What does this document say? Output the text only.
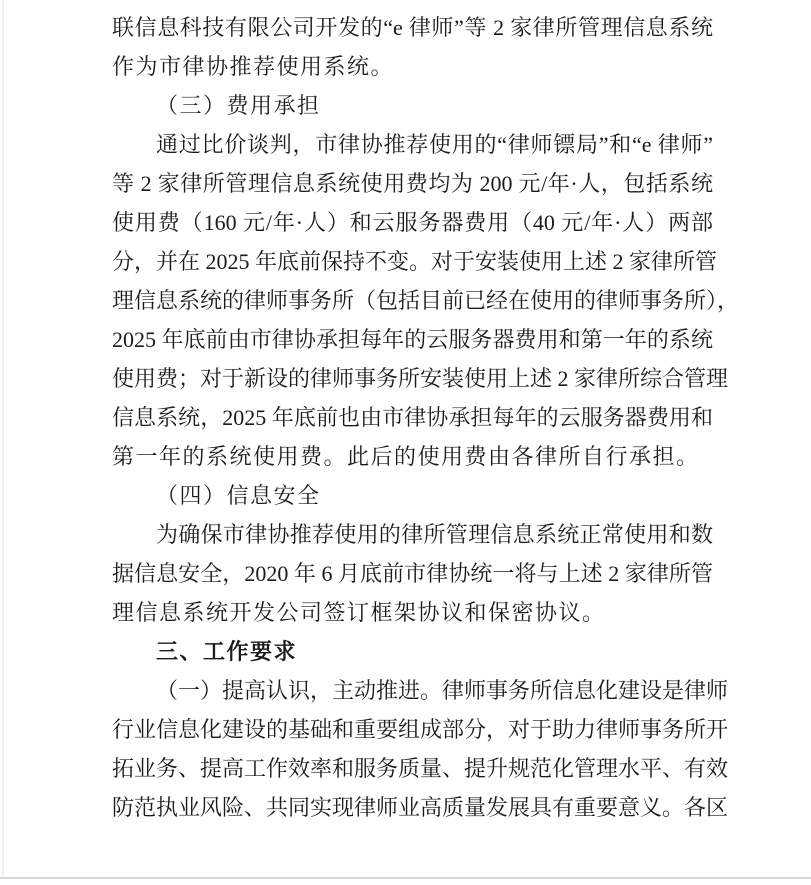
联信息科技有限公司开发的“e 律师”等 2 家律所管理信息系统
作为市律协推荐使用系统。
（三）费用承担
通过比价谈判，市律协推荐使用的“律师镖局”和“e 律师”
等 2 家律所管理信息系统使用费均为 200 元/年·人，包括系统
使用费（160 元/年·人）和云服务器费用（40 元/年·人）两部
分，并在 2025 年底前保持不变。对于安装使用上述 2 家律所管
理信息系统的律师事务所（包括目前已经在使用的律师事务所），
2025 年底前由市律协承担每年的云服务器费用和第一年的系统
使用费；对于新设的律师事务所安装使用上述 2 家律所综合管理
信息系统，2025 年底前也由市律协承担每年的云服务器费用和
第一年的系统使用费。此后的使用费由各律所自行承担。
（四）信息安全
为确保市律协推荐使用的律所管理信息系统正常使用和数
据信息安全，2020 年 6 月底前市律协统一将与上述 2 家律所管
理信息系统开发公司签订框架协议和保密协议。
三、工作要求
（一）提高认识，主动推进。律师事务所信息化建设是律师
行业信息化建设的基础和重要组成部分，对于助力律师事务所开
拓业务、提高工作效率和服务质量、提升规范化管理水平、有效
防范执业风险、共同实现律师业高质量发展具有重要意义。各区
